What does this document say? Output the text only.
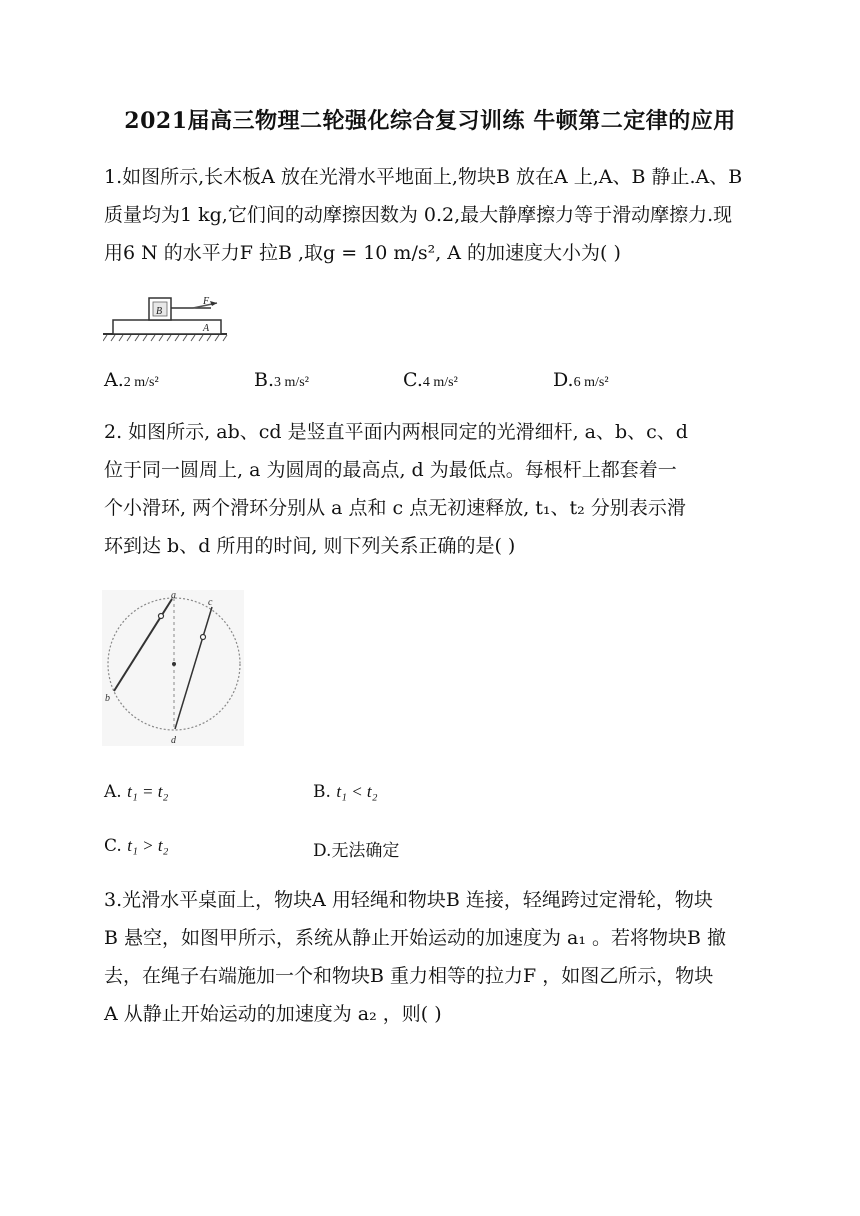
2021届高三物理二轮强化综合复习训练 牛顿第二定律的应用
1.如图所示,长木板A 放在光滑水平地面上,物块B 放在A 上,A、B 静止.A、B
质量均为1 kg,它们间的动摩擦因数为 0.2,最大静摩擦力等于滑动摩擦力.现
用6 N 的水平力F 拉B ,取g = 10 m/s², A 的加速度大小为( )
B
F
A
A.2 m/s²	B.3 m/s²	C.4 m/s²	D.6 m/s²
2. 如图所示, ab、cd 是竖直平面内两根同定的光滑细杆, a、b、c、d
位于同一圆周上, a 为圆周的最高点, d 为最低点。每根杆上都套着一
个小滑环, 两个滑环分别从 a 点和 c 点无初速释放, t₁、t₂ 分别表示滑
环到达 b、d 所用的时间, 则下列关系正确的是( )
a
b
c
d
A. t₁ = t₂	B. t₁ < t₂
C. t₁ > t₂	D.无法确定
3.光滑水平桌面上，物块A 用轻绳和物块B 连接，轻绳跨过定滑轮，物块
B 悬空，如图甲所示，系统从静止开始运动的加速度为 a₁ 。若将物块B 撤
去，在绳子右端施加一个和物块B 重力相等的拉力F ，如图乙所示，物块
A 从静止开始运动的加速度为 a₂ ，则( )
